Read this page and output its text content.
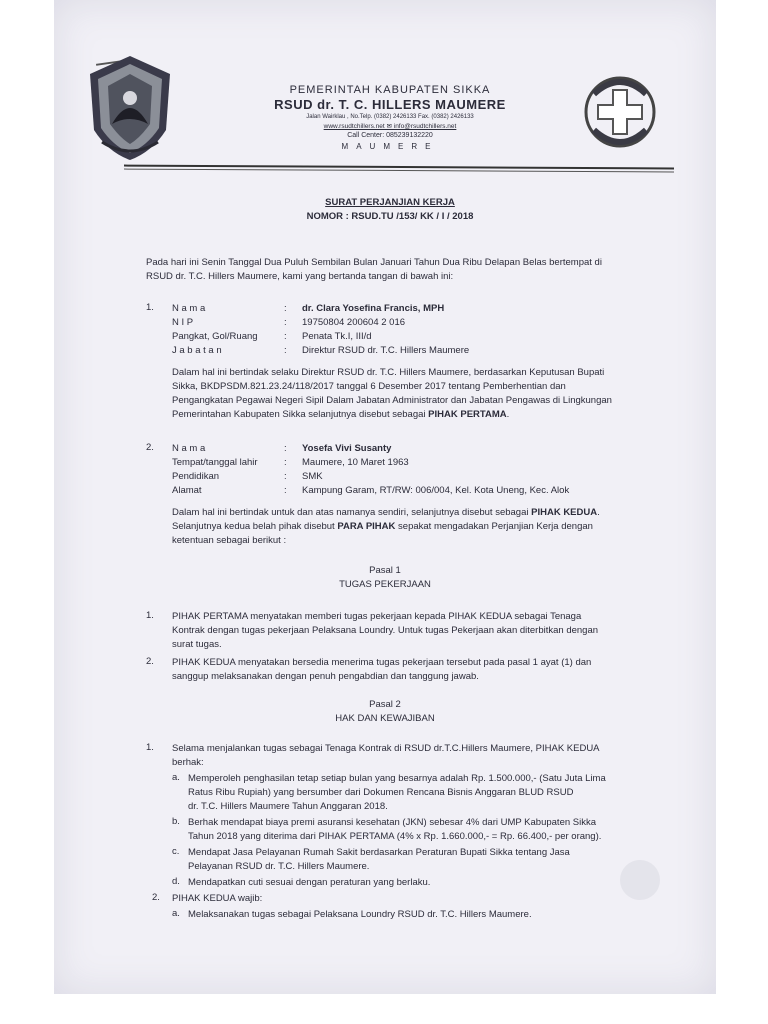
PEMERINTAH KABUPATEN SIKKA
RSUD dr. T. C. HILLERS MAUMERE
Jalan Wairklau , No.Telp. (0382) 2426133 Fax. (0382) 2426133
www.rsudtchillers.net ✉ info@rsudtchillers.net
Call Center: 085239132220
MAUMERE
SURAT PERJANJIAN KERJA
NOMOR : RSUD.TU /153/ KK / I / 2018
Pada hari ini Senin Tanggal Dua Puluh Sembilan Bulan Januari Tahun Dua Ribu Delapan Belas bertempat di
RSUD dr. T.C. Hillers Maumere, kami yang bertanda tangan di bawah ini:
1. N a m a	: dr. Clara Yosefina Francis, MPH
N I P	: 19750804 200604 2 016
Pangkat, Gol/Ruang	: Penata Tk.I, III/d
J a b a t a n	: Direktur RSUD dr. T.C. Hillers Maumere
Dalam hal ini bertindak selaku Direktur RSUD dr. T.C. Hillers Maumere, berdasarkan Keputusan Bupati
Sikka, BKDPSDM.821.23.24/118/2017 tanggal 6 Desember 2017 tentang Pemberhentian dan
Pengangkatan Pegawai Negeri Sipil Dalam Jabatan Administrator dan Jabatan Pengawas di Lingkungan
Pemerintahan Kabupaten Sikka selanjutnya disebut sebagai PIHAK PERTAMA.
2. N a m a	: Yosefa Vivi Susanty
Tempat/tanggal lahir	: Maumere, 10 Maret 1963
Pendidikan	: SMK
Alamat	: Kampung Garam, RT/RW: 006/004, Kel. Kota Uneng, Kec. Alok
Dalam hal ini bertindak untuk dan atas namanya sendiri, selanjutnya disebut sebagai PIHAK KEDUA.
Selanjutnya kedua belah pihak disebut PARA PIHAK sepakat mengadakan Perjanjian Kerja dengan
ketentuan sebagai berikut :
Pasal 1
TUGAS PEKERJAAN
1. PIHAK PERTAMA menyatakan memberi tugas pekerjaan kepada PIHAK KEDUA sebagai Tenaga
Kontrak dengan tugas pekerjaan Pelaksana Loundry. Untuk tugas Pekerjaan akan diterbitkan dengan
surat tugas.
2. PIHAK KEDUA menyatakan bersedia menerima tugas pekerjaan tersebut pada pasal 1 ayat (1) dan
sanggup melaksanakan dengan penuh pengabdian dan tanggung jawab.
Pasal 2
HAK DAN KEWAJIBAN
1. Selama menjalankan tugas sebagai Tenaga Kontrak di RSUD dr.T.C.Hillers Maumere, PIHAK KEDUA
berhak:
a. Memperoleh penghasilan tetap setiap bulan yang besarnya adalah Rp. 1.500.000,- (Satu Juta Lima
Ratus Ribu Rupiah) yang bersumber dari Dokumen Rencana Bisnis Anggaran BLUD RSUD
dr. T.C. Hillers Maumere Tahun Anggaran 2018.
b. Berhak mendapat biaya premi asuransi kesehatan (JKN) sebesar 4% dari UMP Kabupaten Sikka
Tahun 2018 yang diterima dari PIHAK PERTAMA (4% x Rp. 1.660.000,- = Rp. 66.400,- per orang).
c. Mendapat Jasa Pelayanan Rumah Sakit berdasarkan Peraturan Bupati Sikka tentang Jasa
Pelayanan RSUD dr. T.C. Hillers Maumere.
d. Mendapatkan cuti sesuai dengan peraturan yang berlaku.
2. PIHAK KEDUA wajib:
a. Melaksanakan tugas sebagai Pelaksana Loundry RSUD dr. T.C. Hillers Maumere.
